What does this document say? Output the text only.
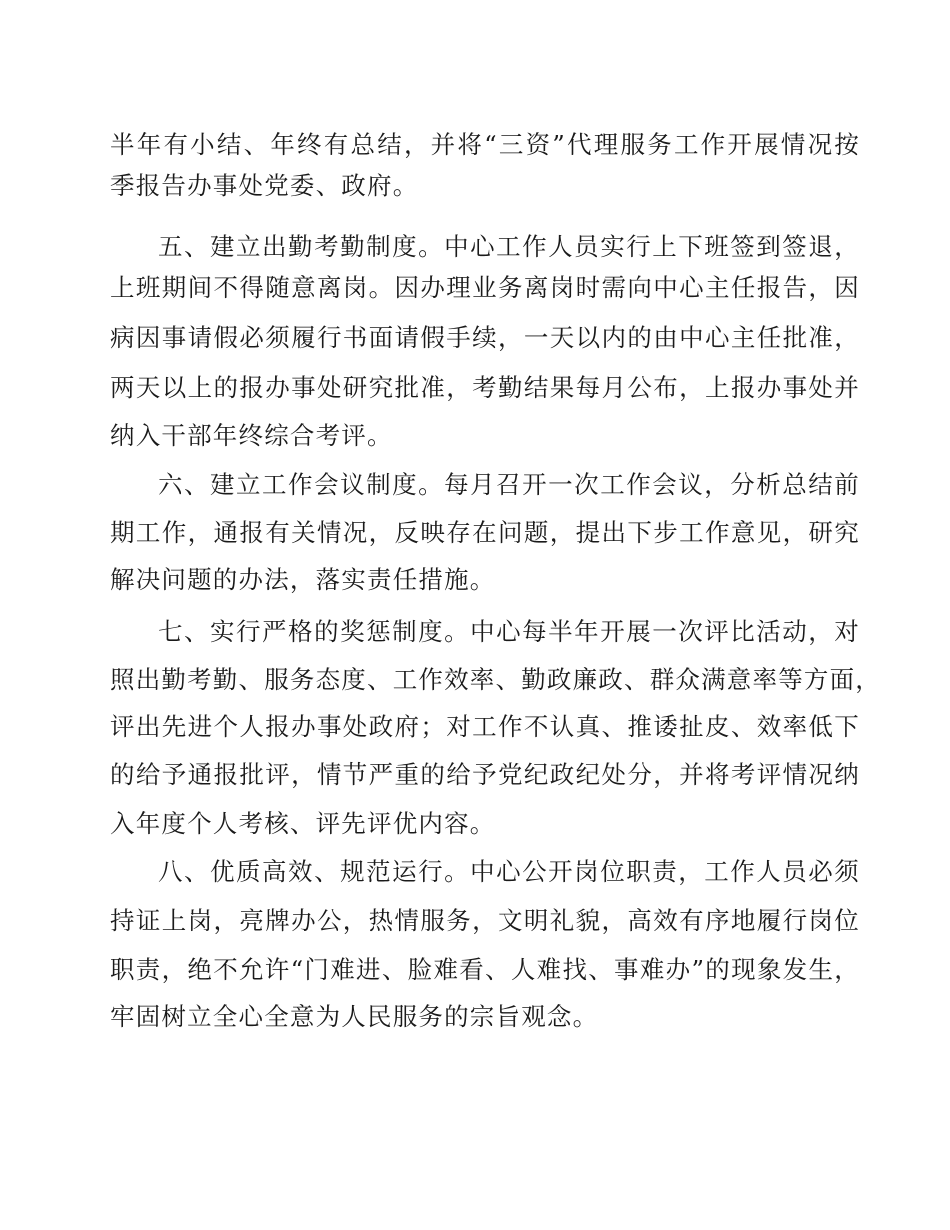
半年有小结、年终有总结，并将“三资”代理服务工作开展情况按
季报告办事处党委、政府。
五、建立出勤考勤制度。中心工作人员实行上下班签到签退，
上班期间不得随意离岗。因办理业务离岗时需向中心主任报告，因
病因事请假必须履行书面请假手续，一天以内的由中心主任批准，
两天以上的报办事处研究批准，考勤结果每月公布，上报办事处并
纳入干部年终综合考评。
六、建立工作会议制度。每月召开一次工作会议，分析总结前
期工作，通报有关情况，反映存在问题，提出下步工作意见，研究
解决问题的办法，落实责任措施。
七、实行严格的奖惩制度。中心每半年开展一次评比活动，对
照出勤考勤、服务态度、工作效率、勤政廉政、群众满意率等方面，
评出先进个人报办事处政府；对工作不认真、推诿扯皮、效率低下
的给予通报批评，情节严重的给予党纪政纪处分，并将考评情况纳
入年度个人考核、评先评优内容。
八、优质高效、规范运行。中心公开岗位职责，工作人员必须
持证上岗，亮牌办公，热情服务，文明礼貌，高效有序地履行岗位
职责，绝不允许“门难进、脸难看、人难找、事难办”的现象发生，
牢固树立全心全意为人民服务的宗旨观念。
